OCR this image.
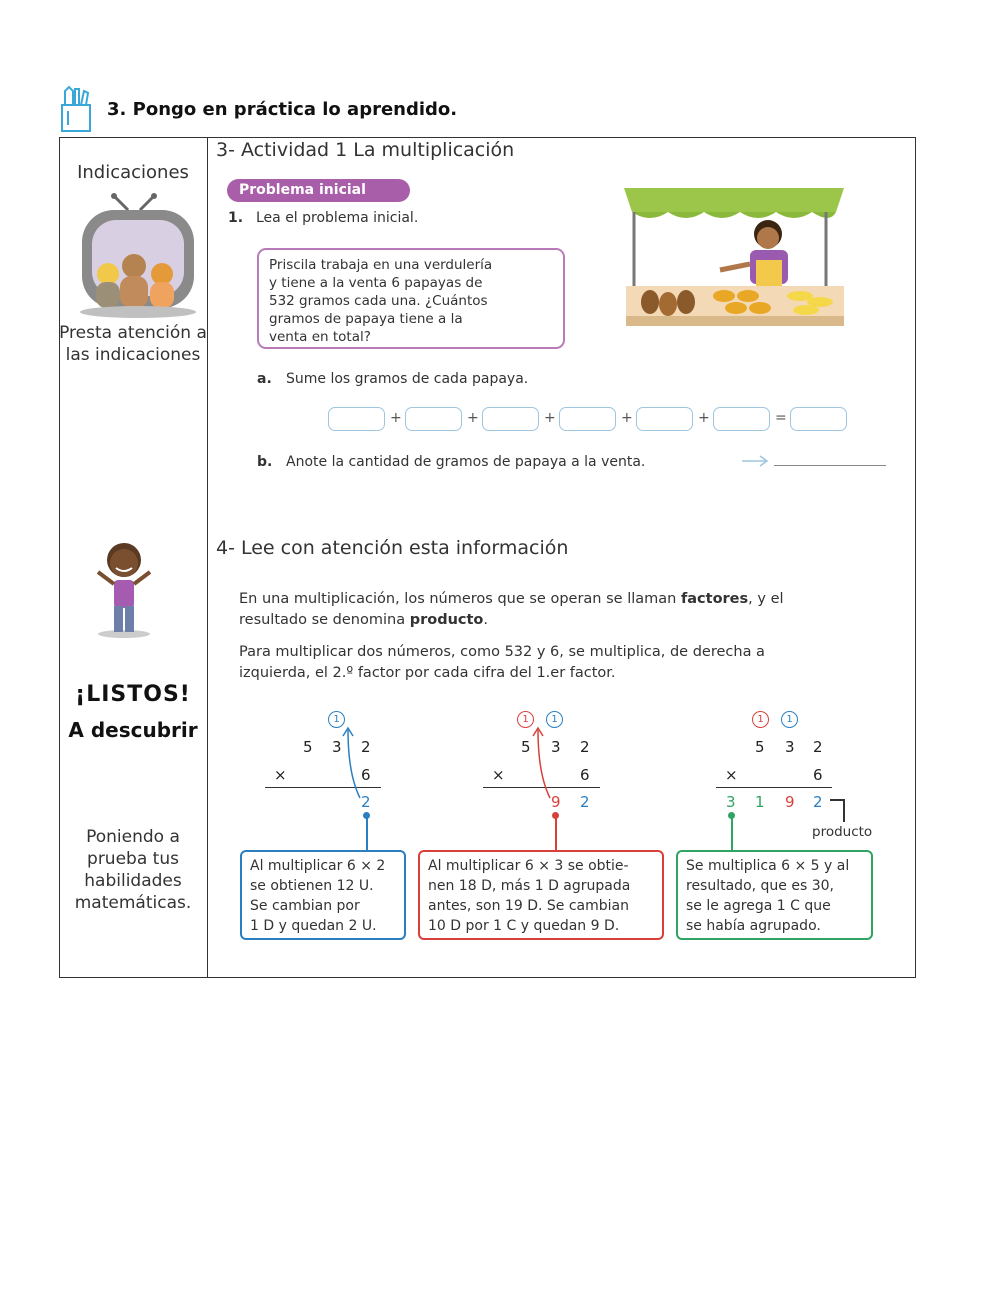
3. Pongo en práctica lo aprendido.
Indicaciones
Presta atención a las indicaciones
¡LISTOS!
A descubrir
Poniendo a prueba tus habilidades matemáticas.
3- Actividad 1 La multiplicación
Problema inicial
1. Lea el problema inicial.
Priscila trabaja en una verdulería
y tiene a la venta 6 papayas de
532 gramos cada una. ¿Cuántos
gramos de papaya tiene a la
venta en total?
a. Sume los gramos de cada papaya.
+	+	+	+	+	=
b. Anote la cantidad de gramos de papaya a la venta.
4- Lee con atención esta información
En una multiplicación, los números que se operan se llaman factores, y el
resultado se denomina producto.
Para multiplicar dos números, como 532 y 6, se multiplica, de derecha a
izquierda, el 2.º factor por cada cifra del 1.er factor.
1
5 3 2
×	6
2
1	1
5 3 2
×	6
9 2
1	1
5 3 2
×	6
3 1 9 2
producto
Al multiplicar 6 × 2
se obtienen 12 U.
Se cambian por
1 D y quedan 2 U.
Al multiplicar 6 × 3 se obtie-
nen 18 D, más 1 D agrupada
antes, son 19 D. Se cambian
10 D por 1 C y quedan 9 D.
Se multiplica 6 × 5 y al
resultado, que es 30,
se le agrega 1 C que
se había agrupado.
